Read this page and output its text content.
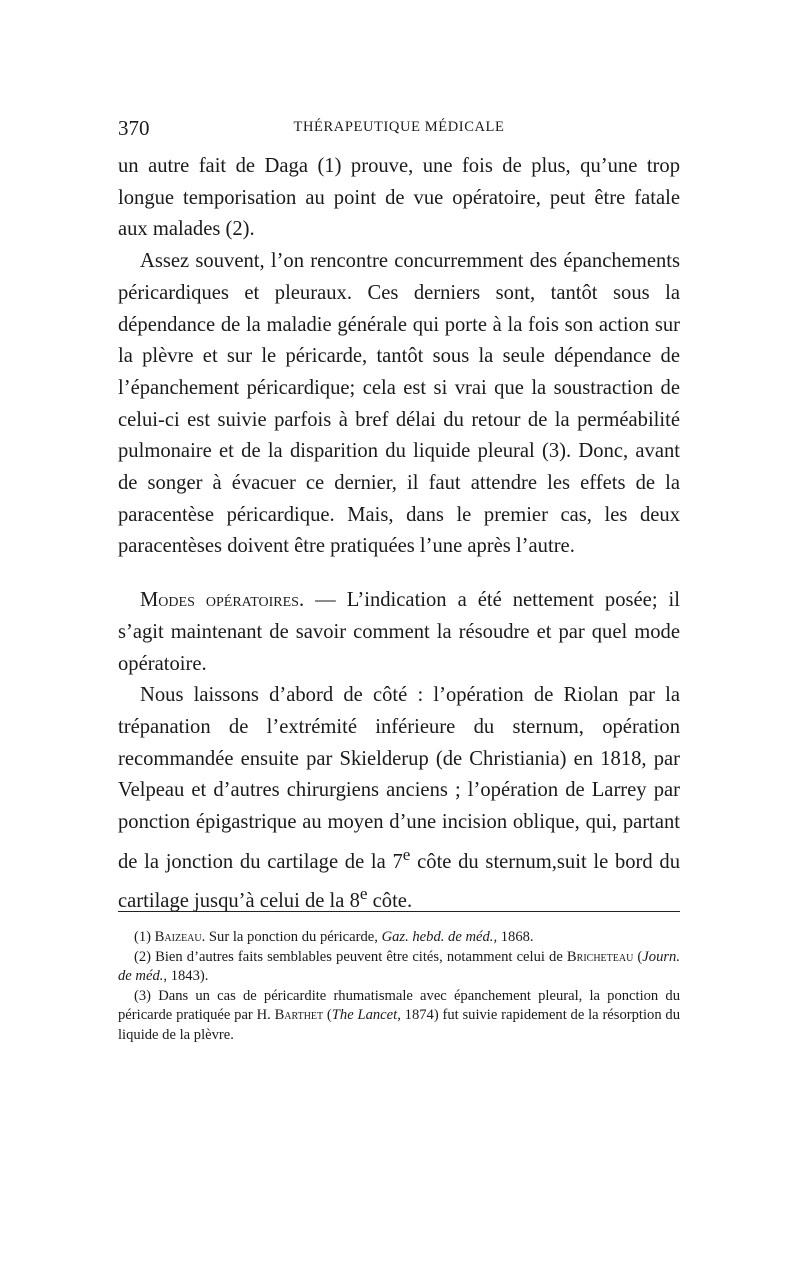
370	THÉRAPEUTIQUE MÉDICALE

un autre fait de Daga (1) prouve, une fois de plus, qu’une trop longue temporisation au point de vue opératoire, peut être fatale aux malades (2).

Assez souvent, l’on rencontre concurremment des épanchements péricardiques et pleuraux. Ces derniers sont, tantôt sous la dépendance de la maladie générale qui porte à la fois son action sur la plèvre et sur le péricarde, tantôt sous la seule dépendance de l’épanchement péricardique; cela est si vrai que la soustraction de celui-ci est suivie parfois à bref délai du retour de la perméabilité pulmonaire et de la disparition du liquide pleural (3). Donc, avant de songer à évacuer ce dernier, il faut attendre les effets de la paracentèse péricardique. Mais, dans le premier cas, les deux paracentèses doivent être pratiquées l’une après l’autre.

Modes opératoires. — L’indication a été nettement posée; il s’agit maintenant de savoir comment la résoudre et par quel mode opératoire.

Nous laissons d’abord de côté : l’opération de Riolan par la trépanation de l’extrémité inférieure du sternum, opération recommandée ensuite par Skielderup (de Christiania) en 1818, par Velpeau et d’autres chirurgiens anciens ; l’opération de Larrey par ponction épigastrique au moyen d’une incision oblique, qui, partant de la jonction du cartilage de la 7e côte du sternum,suit le bord du cartilage jusqu’à celui de la 8e côte.

(1) Baizeau. Sur la ponction du péricarde, Gaz. hebd. de méd., 1868.

(2) Bien d’autres faits semblables peuvent être cités, notamment celui de Bricheteau (Journ. de méd., 1843).

(3) Dans un cas de péricardite rhumatismale avec épanchement pleural, la ponction du péricarde pratiquée par H. Barthet (The Lancet, 1874) fut suivie rapidement de la résorption du liquide de la plèvre.
